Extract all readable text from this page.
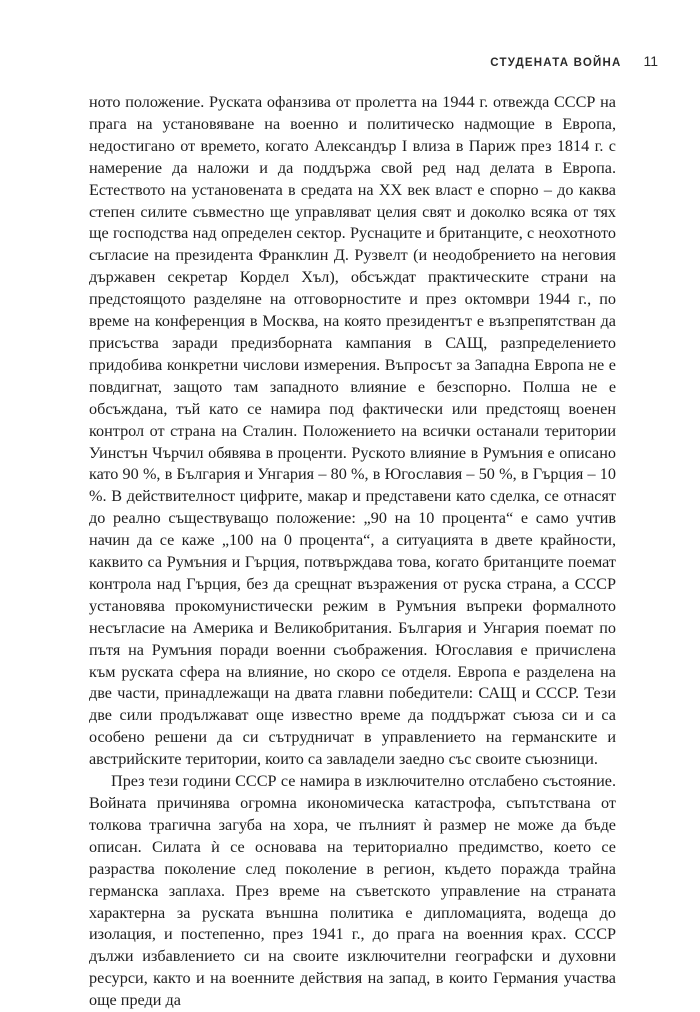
СТУДЕНАТА ВОЙНА 11

ното положение. Руската офанзива от пролетта на 1944 г. отвежда СССР на прага на установяване на военно и политическо надмощие в Европа, недостигано от времето, когато Александър I влиза в Париж през 1814 г. с намерение да наложи и да поддържа свой ред над делата в Европа. Естеството на установената в средата на XX век власт е спорно – до каква степен силите съвместно ще управляват целия свят и доколко всяка от тях ще господства над определен сектор. Руснаците и британците, с неохотното съгласие на президента Франклин Д. Рузвелт (и неодобрението на неговия държавен секретар Кордел Хъл), обсъждат практическите страни на предстоящото разделяне на отговорностите и през октомври 1944 г., по време на конференция в Москва, на която президентът е възпрепятстван да присъства заради предизборната кампания в САЩ, разпределението придобива конкретни числови измерения. Въпросът за Западна Европа не е повдигнат, защото там западното влияние е безспорно. Полша не е обсъждана, тъй като се намира под фактически или предстоящ военен контрол от страна на Сталин. Положението на всички останали територии Уинстън Чърчил обявява в проценти. Руското влияние в Румъния е описано като 90 %, в България и Унгария – 80 %, в Югославия – 50 %, в Гърция – 10 %. В действителност цифрите, макар и представени като сделка, се отнасят до реално съществуващо положение: „90 на 10 процента“ е само учтив начин да се каже „100 на 0 процента“, а ситуацията в двете крайности, каквито са Румъния и Гърция, потвърждава това, когато британците поемат контрола над Гърция, без да срещнат възражения от руска страна, а СССР установява прокомунистически режим в Румъния въпреки формалното несъгласие на Америка и Великобритания. България и Унгария поемат по пътя на Румъния поради военни съображения. Югославия е причислена към руската сфера на влияние, но скоро се отделя. Европа е разделена на две части, принадлежащи на двата главни победители: САЩ и СССР. Тези две сили продължават още известно време да поддържат съюза си и са особено решени да си сътрудничат в управлението на германските и австрийските територии, които са завладели заедно със своите съюзници.

През тези години СССР се намира в изключително отслабено състояние. Войната причинява огромна икономическа катастрофа, съпътствана от толкова трагична загуба на хора, че пълният ѝ размер не може да бъде описан. Силата ѝ се основава на териториално предимство, което се разраства поколение след поколение в регион, където поражда трайна германска заплаха. През време на съветското управление на страната характерна за руската външна политика е дипломацията, водеща до изолация, и постепенно, през 1941 г., до прага на военния крах. СССР дължи избавлението си на своите изключителни географски и духовни ресурси, както и на военните действия на запад, в които Германия участва още преди да
